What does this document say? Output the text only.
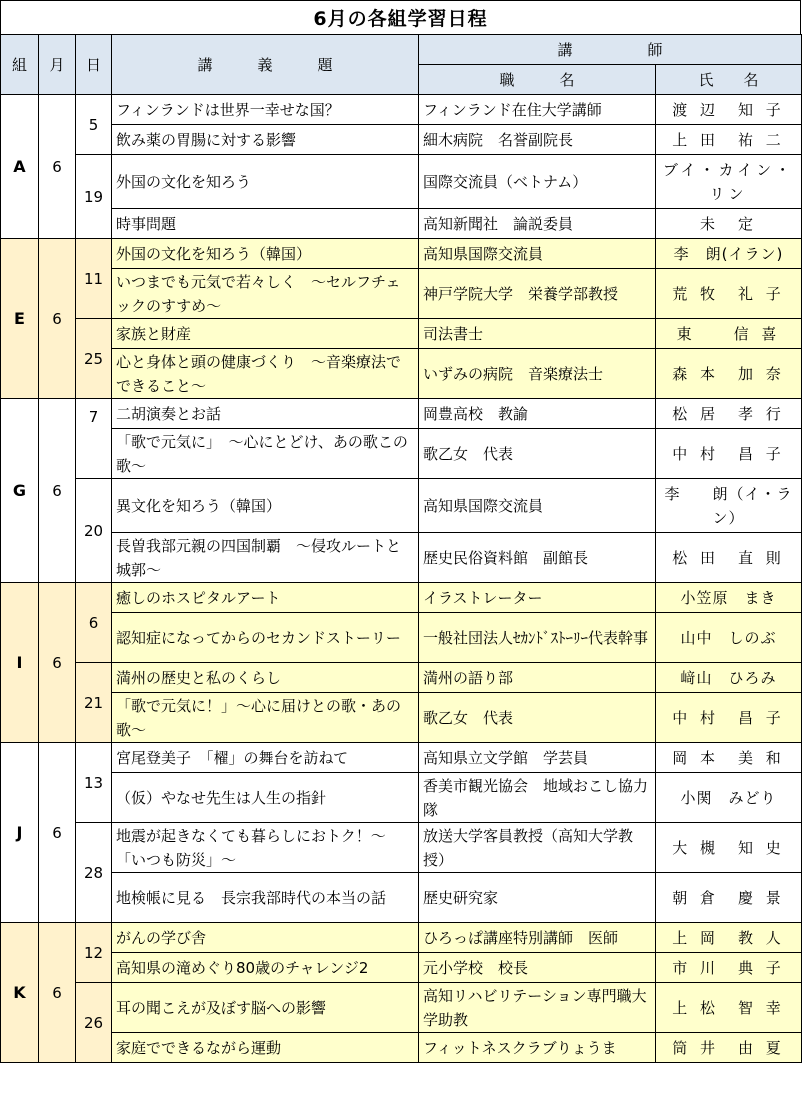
6月の各組学習日程
組	月	日	講　　　義　　　題	講　　　　　師	
				職　　　名	氏　　名
A	6	5	フィンランドは世界一幸せな国？	フィンランド在住大学講師	渡 辺　知 子
			飲み薬の胃腸に対する影響	細木病院　名誉副院長	上 田　祐 二
		19	外国の文化を知ろう	国際交流員（ベトナム）	ブイ・カイン・リン
			時事問題	高知新聞社　論説委員	未　定
E	6	11	外国の文化を知ろう（韓国）	高知県国際交流員	李　朗(イラン)
			いつまでも元気で若々しく　～セルフチェックのすすめ～	神戸学院大学　栄養学部教授	荒 牧　礼 子
		25	家族と財産	司法書士	東　　信 喜
			心と身体と頭の健康づくり　～音楽療法でできること～	いずみの病院　音楽療法士	森 本　加 奈
G	6	7	二胡演奏とお話	岡豊高校　教諭	松 居　孝 行
			「歌で元気に」　～心にとどけ、あの歌この歌～	歌乙女　代表	中 村　昌 子
		20	異文化を知ろう（韓国）	高知県国際交流員	李　　朗（イ・ラン）
			長曽我部元親の四国制覇　～侵攻ルートと城郭～	歴史民俗資料館　副館長	松 田　直 則
I	6	6	癒しのホスピタルアート	イラストレーター	小笠原　まき
			認知症になってからのセカンドストーリー	一般社団法人ｾｶﾝﾄﾞｽﾄｰﾘｰ代表幹事	山中　しのぶ
		21	満州の歴史と私のくらし	満州の語り部	﨑山　ひろみ
			「歌で元気に！」～心に届けとの歌・あの歌～	歌乙女　代表	中 村　昌 子
J	6	13	宮尾登美子　「櫂」の舞台を訪ねて	高知県立文学館　学芸員	岡 本　美 和
			（仮）やなせ先生は人生の指針	香美市観光協会　地域おこし協力隊	小関　みどり
		28	地震が起きなくても暮らしにおトク！～「いつも防災」～	放送大学客員教授（高知大学教授）	大 槻　知 史
			地検帳に見る　長宗我部時代の本当の話	歴史研究家	朝 倉　慶 景
K	6	12	がんの学び舎	ひろっぱ講座特別講師　医師	上 岡　教 人
			高知県の滝めぐり80歳のチャレンジ2	元小学校　校長	市 川　典 子
		26	耳の聞こえが及ぼす脳への影響	高知リハビリテーション専門職大学助教	上 松　智 幸
			家庭でできるながら運動	フィットネスクラブりょうま	筒 井　由 夏
